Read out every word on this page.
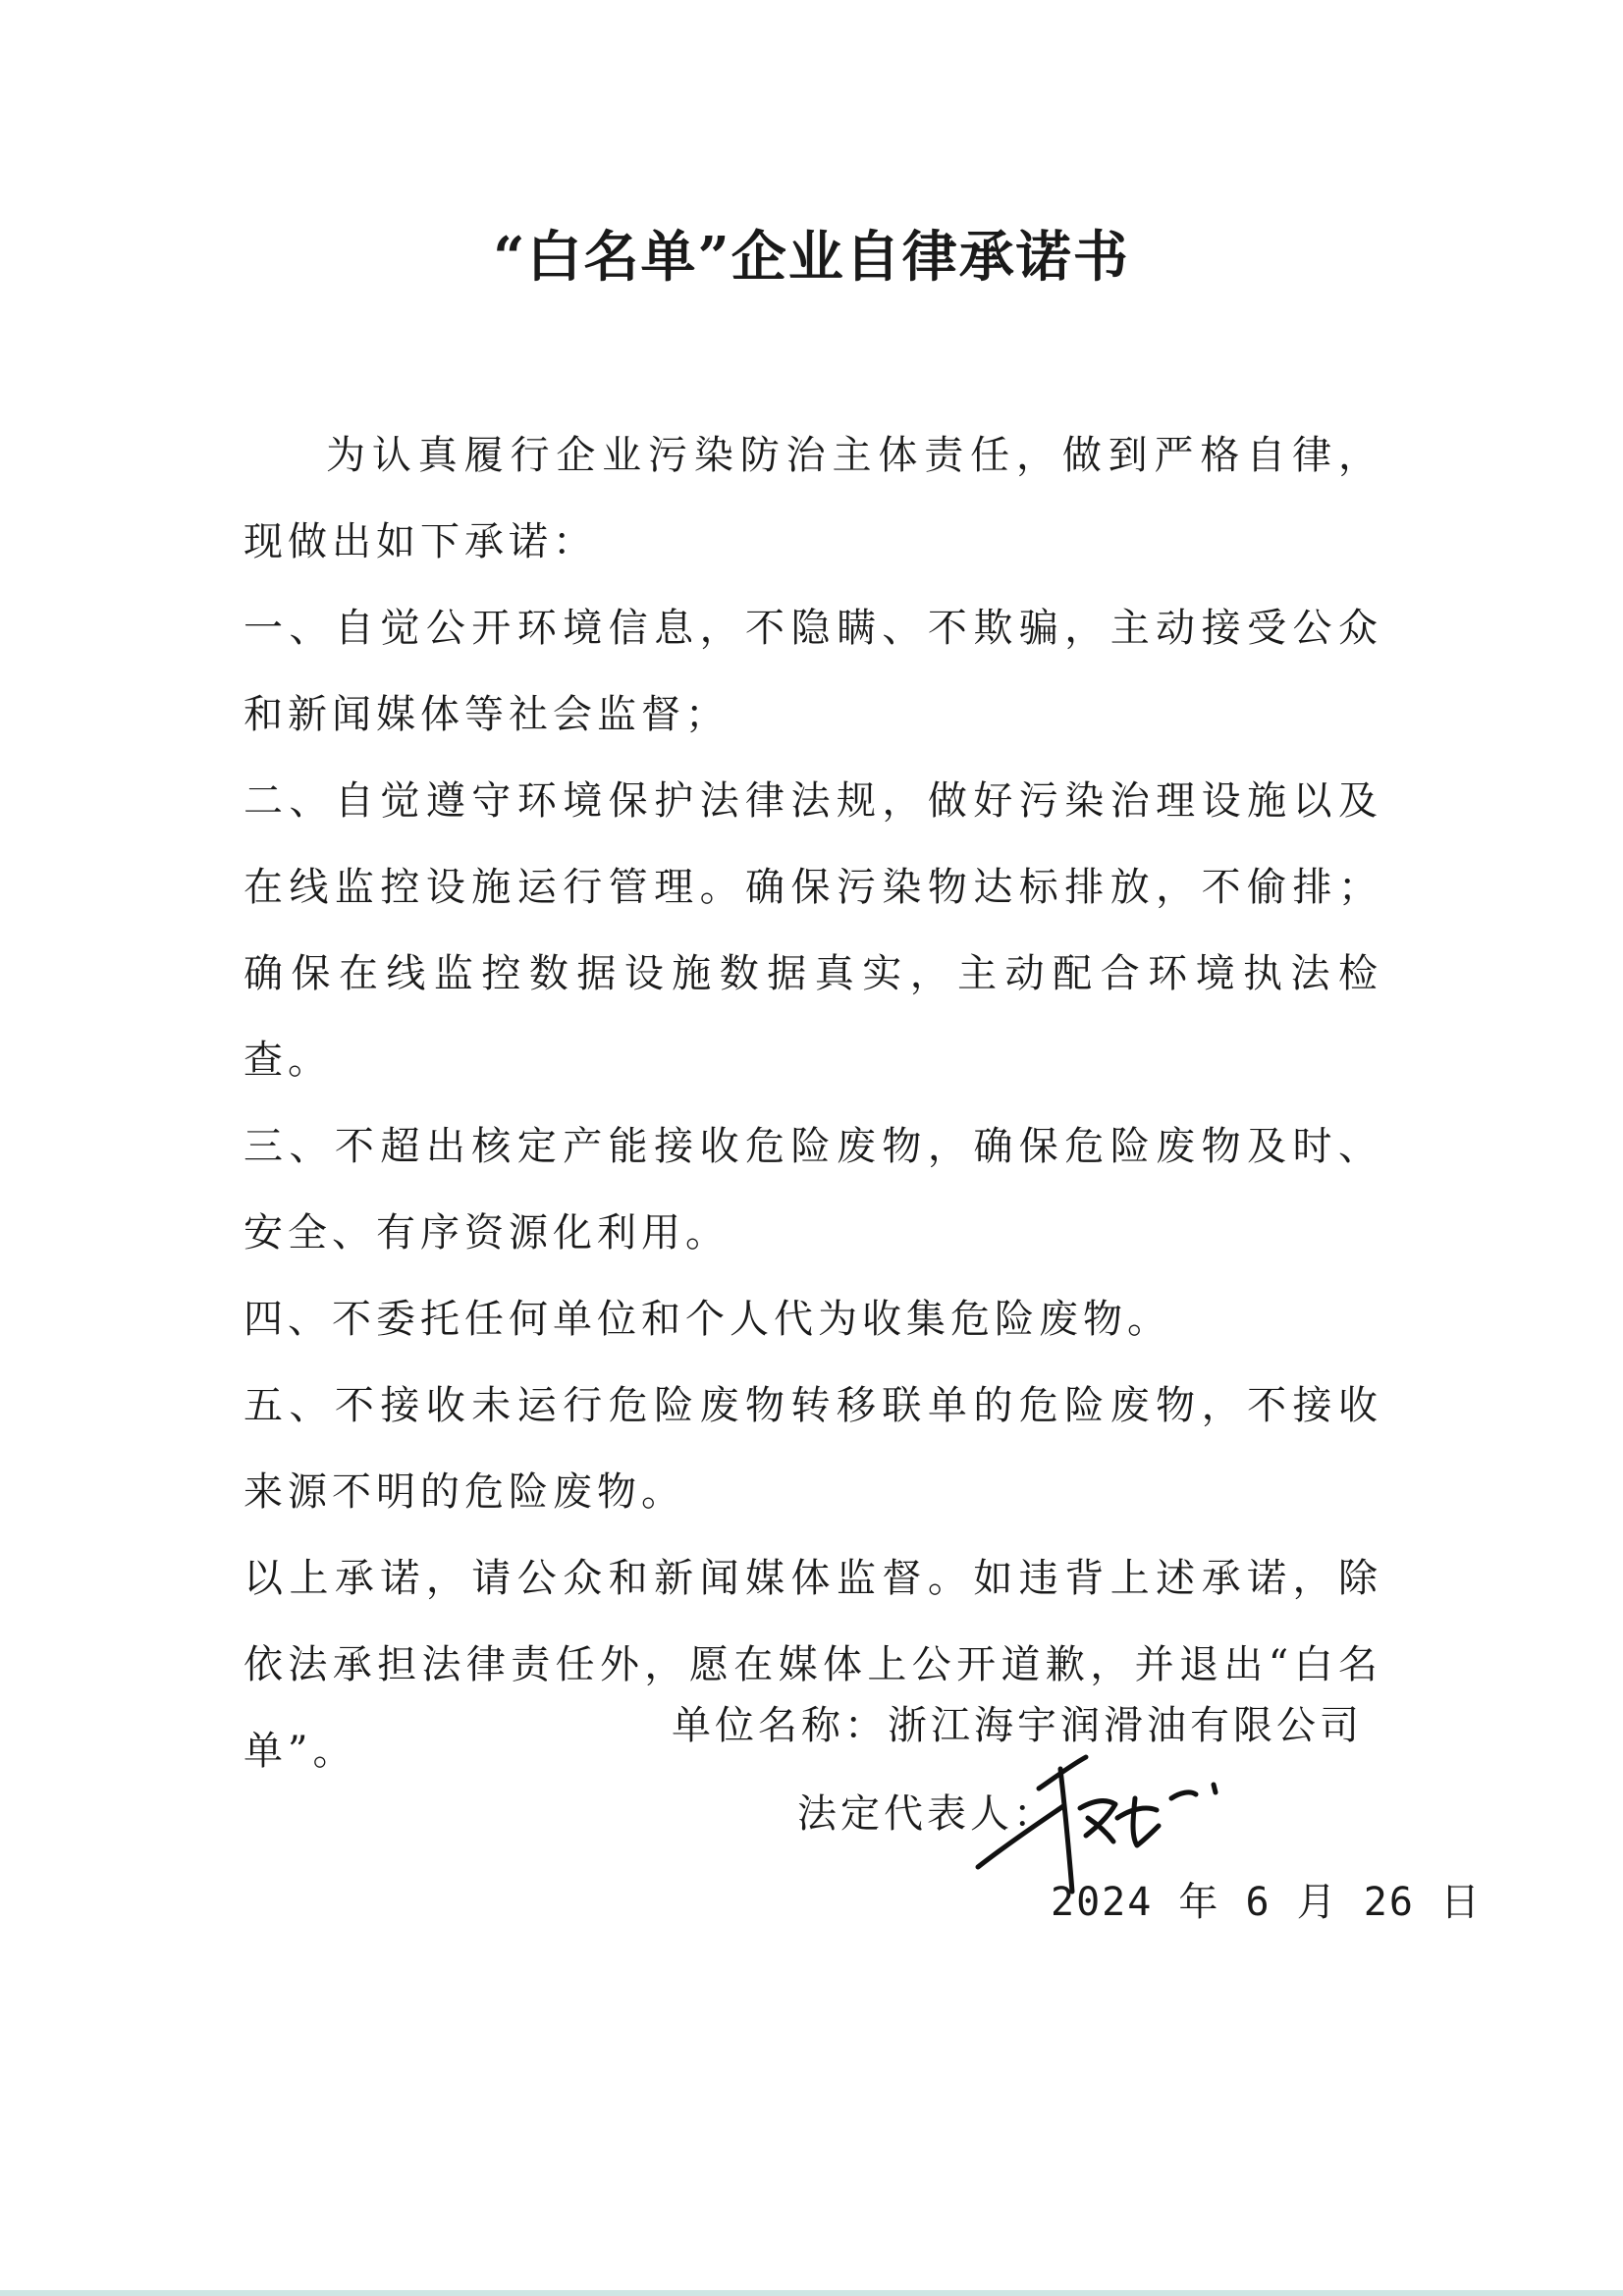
“白名单”企业自律承诺书

为认真履行企业污染防治主体责任，做到严格自律，现做出如下承诺：

一、自觉公开环境信息，不隐瞒、不欺骗，主动接受公众和新闻媒体等社会监督；

二、自觉遵守环境保护法律法规，做好污染治理设施以及在线监控设施运行管理。确保污染物达标排放，不偷排；确保在线监控数据设施数据真实，主动配合环境执法检查。

三、不超出核定产能接收危险废物，确保危险废物及时、安全、有序资源化利用。

四、不委托任何单位和个人代为收集危险废物。

五、不接收未运行危险废物转移联单的危险废物，不接收来源不明的危险废物。

以上承诺，请公众和新闻媒体监督。如违背上述承诺，除依法承担法律责任外，愿在媒体上公开道歉，并退出“白名单”。

单位名称：浙江海宇润滑油有限公司
法定代表人：
2024 年 6 月 26 日
